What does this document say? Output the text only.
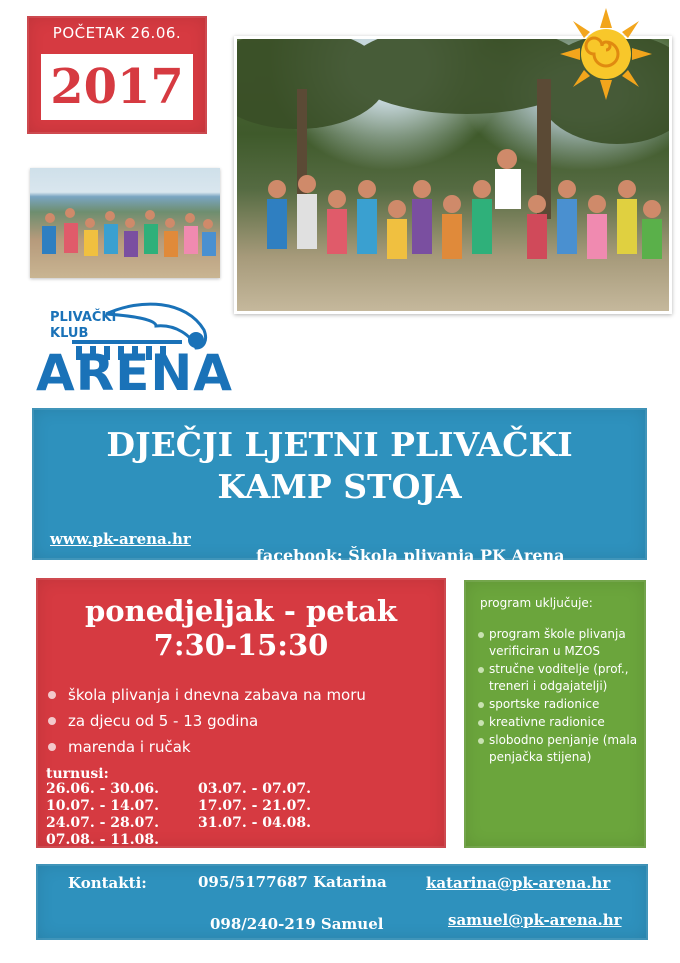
POČETAK 26.06.
2017
PLIVAČKI
KLUB
ARENA
DJEČJI LJETNI PLIVAČKI
KAMP STOJA
www.pk-arena.hr
facebook: Škola plivanja PK Arena
ponedjeljak - petak
7:30-15:30
škola plivanja i dnevna zabava na moru
za djecu od 5 - 13 godina
marenda i ručak
turnusi:
26.06. - 30.06.	03.07. - 07.07.
10.07. - 14.07.	17.07. - 21.07.
24.07. - 28.07.	31.07. - 04.08.
07.08. - 11.08.
program uključuje:
program škole plivanja verificiran u MZOS
stručne voditelje (prof., treneri i odgajatelji)
sportske radionice
kreativne radionice
slobodno penjanje (mala penjačka stijena)
Kontakti:	095/5177687 Katarina
098/240-219 Samuel
katarina@pk-arena.hr
samuel@pk-arena.hr
